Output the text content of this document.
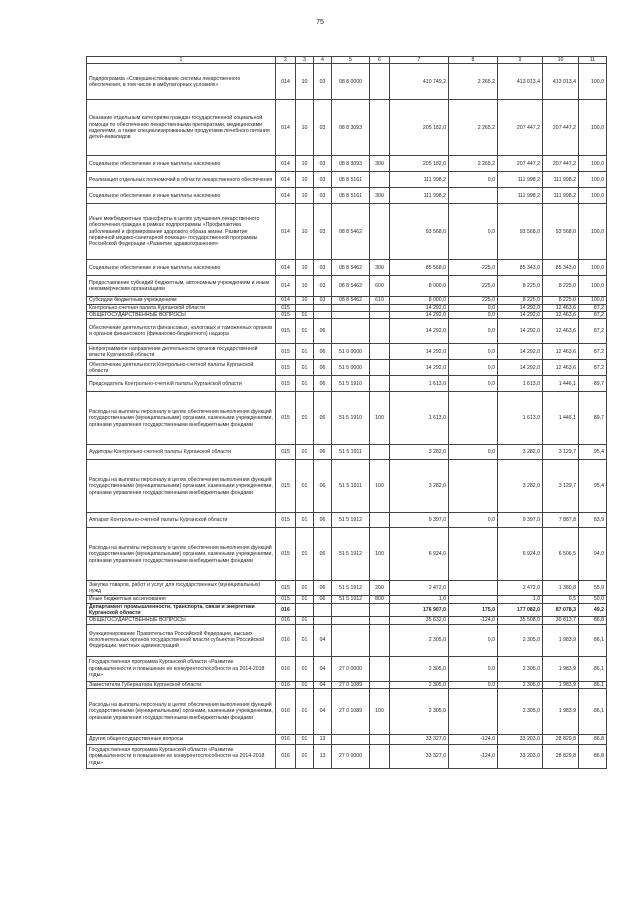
75
1	2	3	4	5	6	7	8	9	10	11
Подпрограмма «Совершенствование системы лекарственного обеспечения, в том числе в амбулаторных условиях»	014	10	03	08 8 0000		410 749,2	2 265,2	413 013,4	413 013,4	100,0
Оказание отдельным категориям граждан государственной социальной помощи по обеспечению лекарственными препаратами, медицинскими изделиями, а также специализированными продуктами лечебного питания детей-инвалидов	014	10	03	08 8 3093		205 182,0	2 265,2	207 447,2	207 447,2	100,0
Социальное обеспечение и иные выплаты населению	014	10	03	08 8 3093	300	205 182,0	2 265,2	207 447,2	207 447,2	100,0
Реализация отдельных полномочий в области лекарственного обеспечения	014	10	03	08 8 5161		111 998,2	0,0	111 998,2	111 998,2	100,0
Социальное обеспечение и иные выплаты населению	014	10	03	08 8 5161	300	111 998,2		111 998,2	111 998,2	100,0
Иные межбюджетные трансферты в целях улучшения лекарственного обеспечения граждан в рамках подпрограммы «Профилактика заболеваний и формирование здорового образа жизни. Развитие первичной медико-санитарной помощи» государственной программы Российской Федерации «Развитие здравоохранения»	014	10	03	08 8 5462		93 568,0	0,0	93 568,0	93 568,0	100,0
Социальное обеспечение и иные выплаты населению	014	10	03	08 8 5462	300	85 568,0	-225,0	85 343,0	85 343,0	100,0
Предоставление субсидий бюджетным, автономным учреждениям и иным некоммерческим организациям	014	10	03	08 8 5462	600	8 000,0	225,0	8 225,0	8 225,0	100,0
Субсидии бюджетным учреждениям	014	10	03	08 8 5462	610	8 000,0	225,0	8 225,0	8 225,0	100,0
Контрольно-счетная палата Курганской области	015					14 292,0	0,0	14 292,0	12 463,6	87,2
ОБЩЕГОСУДАРСТВЕННЫЕ ВОПРОСЫ	015	01				14 292,0	0,0	14 292,0	12 463,6	87,2
Обеспечение деятельности финансовых, налоговых и таможенных органов и органов финансового (финансово-бюджетного) надзора	015	01	06			14 292,0	0,0	14 292,0	12 463,6	87,2
Непрограммное направление деятельности органов государственной власти Курганской области	015	01	06	51 0 0000		14 292,0	0,0	14 292,0	12 463,6	87,2
Обеспечение деятельности Контрольно-счетной палаты Курганской области	015	01	06	51 5 0000		14 292,0	0,0	14 292,0	12 463,6	87,2
Председатель Контрольно-счетной палаты Курганской области	015	01	06	51 5 1910		1 613,0	0,0	1 613,0	1 446,1	89,7
Расходы на выплаты персоналу в целях обеспечения выполнения функций государственными (муниципальными) органами, казенными учреждениями, органами управления государственными внебюджетными фондами	015	01	06	51 5 1910	100	1 613,0		1 613,0	1 446,1	89,7
Аудиторы Контрольно-счетной палаты Курганской области	015	01	06	51 5 1911		3 282,0	0,0	3 282,0	3 129,7	95,4
Расходы на выплаты персоналу в целях обеспечения выполнения функций государственными (муниципальными) органами, казенными учреждениями, органами управления государственными внебюджетными фондами	015	01	06	51 5 1911	100	3 282,0		3 282,0	3 129,7	95,4
Аппарат Контрольно-счетной палаты Курганской области	015	01	06	51 5 1912		9 397,0	0,0	9 397,0	7 887,8	83,9
Расходы на выплаты персоналу в целях обеспечения выполнения функций государственными (муниципальными) органами, казенными учреждениями, органами управления государственными внебюджетными фондами	015	01	06	51 5 1912	100	6 924,0		6 924,0	6 506,5	94,0
Закупка товаров, работ и услуг для государственных (муниципальных) нужд	015	01	06	51 5 1912	200	2 472,0		2 472,0	1 380,8	55,9
Иные бюджетные ассигнования	015	01	06	51 5 1912	800	1,0		1,0	0,5	50,0
Департамент промышленности, транспорта, связи и энергетики Курганской области	016					176 907,0	175,0	177 082,0	87 078,3	49,2
ОБЩЕГОСУДАРСТВЕННЫЕ ВОПРОСЫ	016	01				35 632,0	-124,0	35 508,0	30 813,7	86,8
Функционирование Правительства Российской Федерации, высших исполнительных органов государственной власти субъектов Российской Федерации, местных администраций	016	01	04			2 305,0	0,0	2 305,0	1 983,9	86,1
Государственная программа Курганской области «Развитие промышленности и повышение ее конкурентоспособности на 2014-2018 годы»	016	01	04	27 0 0000		2 305,0	0,0	2 305,0	1 983,9	86,1
Заместители Губернатора Курганской области	016	01	04	27 0 1089		2 305,0	0,0	2 305,0	1 983,9	86,1
Расходы на выплаты персоналу в целях обеспечения выполнения функций государственными (муниципальными) органами, казенными учреждениями, органами управления государственными внебюджетными фондами	016	01	04	27 0 1089	100	2 305,0		2 305,0	1 983,9	86,1
Другие общегосударственные вопросы	016	01	13			33 327,0	-124,0	33 203,0	28 829,8	86,8
Государственная программа Курганской области «Развитие промышленности и повышение ее конкурентоспособности на 2014-2018 годы»	016	01	13	27 0 0000		33 327,0	-124,0	33 203,0	28 829,8	86,8
